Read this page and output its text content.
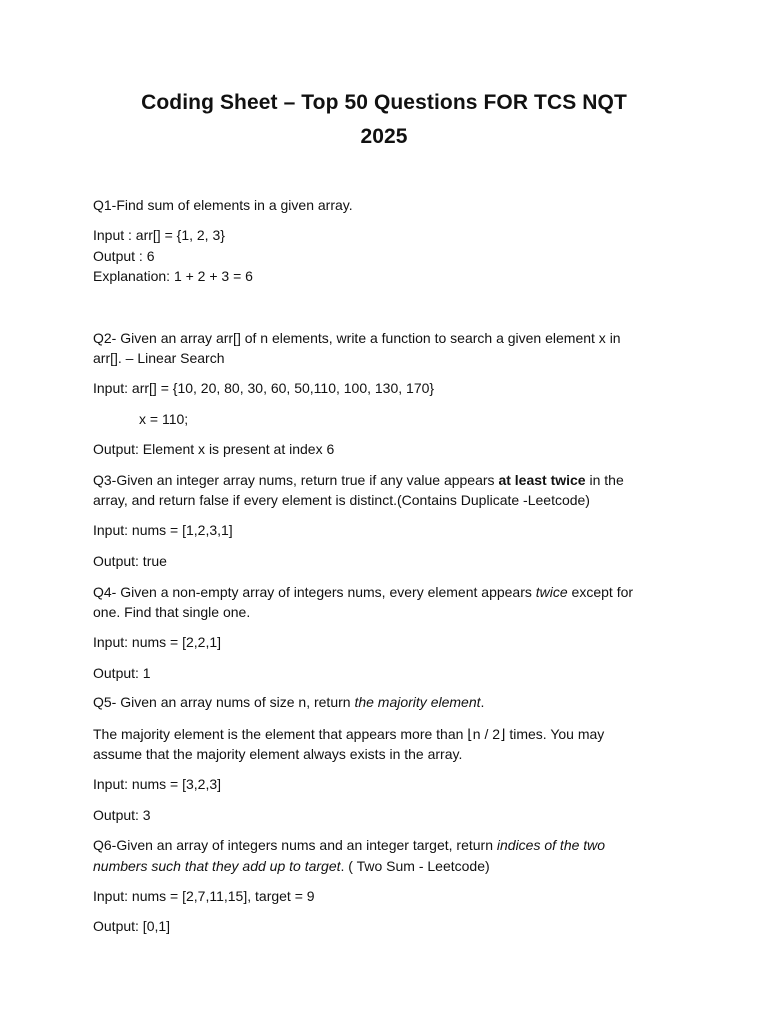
Coding Sheet – Top 50 Questions FOR TCS NQT
2025
Q1-Find sum of elements in a given array.
Input : arr[] = {1, 2, 3}
Output : 6
Explanation: 1 + 2 + 3 = 6
Q2- Given an array arr[] of n elements, write a function to search a given element x in
arr[]. – Linear Search
Input: arr[] = {10, 20, 80, 30, 60, 50,110, 100, 130, 170}
x = 110;
Output: Element x is present at index 6
Q3-Given an integer array nums, return true if any value appears at least twice in the
array, and return false if every element is distinct.(Contains Duplicate -Leetcode)
Input: nums = [1,2,3,1]
Output: true
Q4- Given a non-empty array of integers nums, every element appears twice except for
one. Find that single one.
Input: nums = [2,2,1]
Output: 1
Q5- Given an array nums of size n, return the majority element.
The majority element is the element that appears more than ⌊n / 2⌋ times. You may
assume that the majority element always exists in the array.
Input: nums = [3,2,3]
Output: 3
Q6-Given an array of integers nums and an integer target, return indices of the two
numbers such that they add up to target. ( Two Sum - Leetcode)
Input: nums = [2,7,11,15], target = 9
Output: [0,1]
